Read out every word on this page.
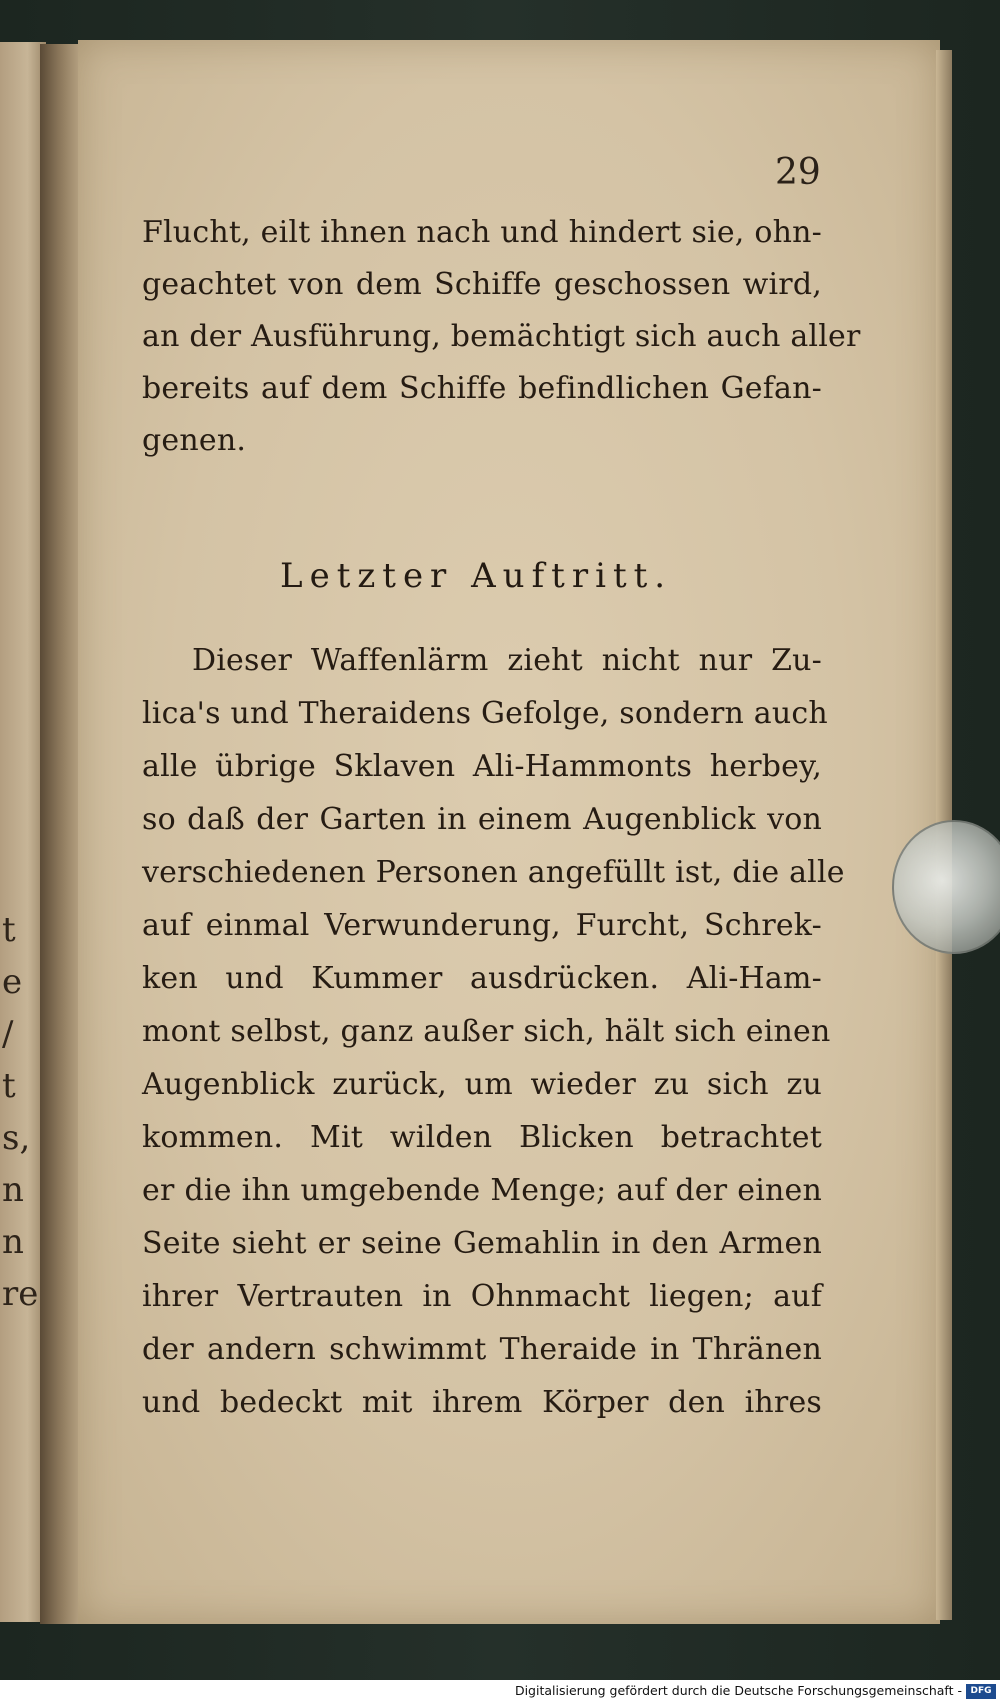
t
e
/
t
s,
n
n
re
29
Flucht, eilt ihnen nach und hindert sie, ohn-
geachtet von dem Schiffe geschossen wird,
an der Ausführung, bemächtigt sich auch aller
bereits auf dem Schiffe befindlichen Gefan-
genen.
Letzter Auftritt.
Dieser Waffenlärm zieht nicht nur Zu-
lica's und Theraidens Gefolge, sondern auch
alle übrige Sklaven Ali-Hammonts herbey,
so daß der Garten in einem Augenblick von
verschiedenen Personen angefüllt ist, die alle
auf einmal Verwunderung, Furcht, Schrek-
ken und Kummer ausdrücken. Ali-Ham-
mont selbst, ganz außer sich, hält sich einen
Augenblick zurück, um wieder zu sich zu
kommen. Mit wilden Blicken betrachtet
er die ihn umgebende Menge; auf der einen
Seite sieht er seine Gemahlin in den Armen
ihrer Vertrauten in Ohnmacht liegen; auf
der andern schwimmt Theraide in Thränen
und bedeckt mit ihrem Körper den ihres
Digitalisierung gefördert durch die Deutsche Forschungsgemeinschaft - DFG
